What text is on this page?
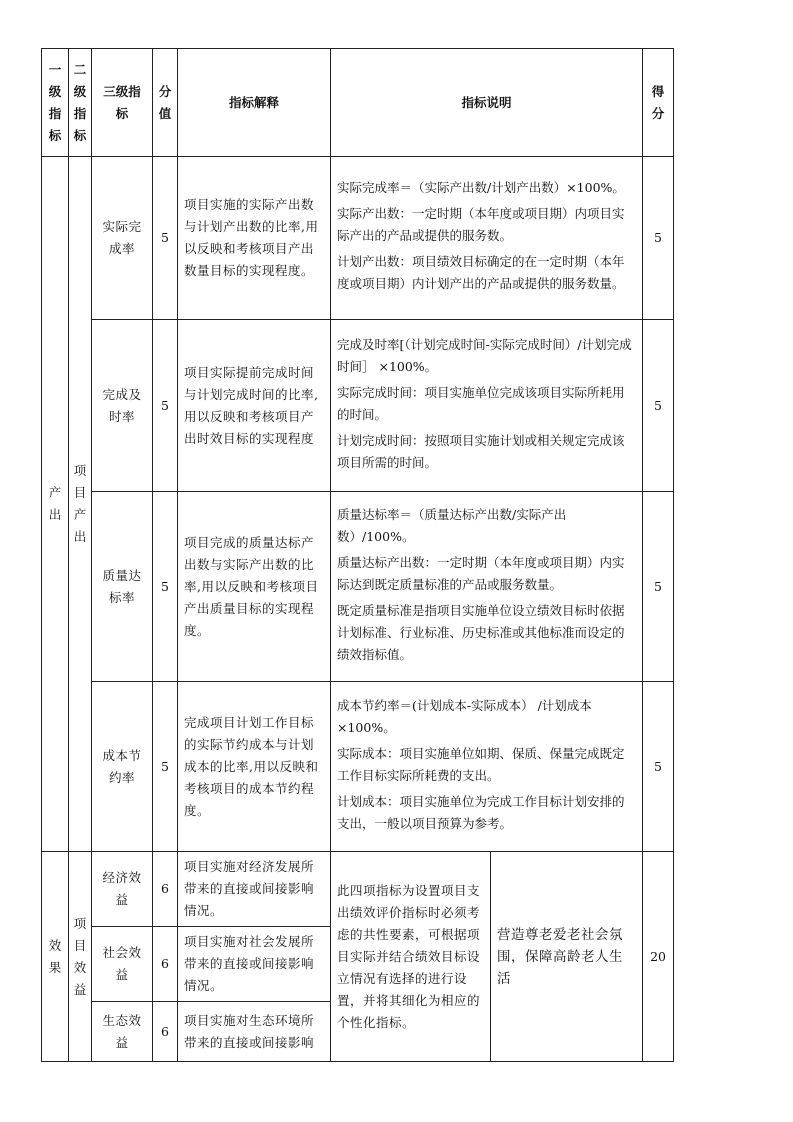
一级指标	二级指标	三级指标	分值	指标解释	指标说明		得分
产出	项目产出	实际完成率	5	项目实施的实际产出数与计划产出数的比率,用以反映和考核项目产出数量目标的实现程度。	实际完成率＝（实际产出数/计划产出数）×100%。

实际产出数：一定时期（本年度或项目期）内项目实际产出的产品或提供的服务数。

计划产出数：项目绩效目标确定的在一定时期（本年度或项目期）内计划产出的产品或提供的服务数量。		5
		完成及时率	5	项目实际提前完成时间与计划完成时间的比率,用以反映和考核项目产出时效目标的实现程度	完成及时率[（计划完成时间-实际完成时间）/计划完成时间］ ×100%。

实际完成时间：项目实施单位完成该项目实际所耗用的时间。

计划完成时间：按照项目实施计划或相关规定完成该项目所需的时间。		5
		质量达标率	5	项目完成的质量达标产出数与实际产出数的比率,用以反映和考核项目产出质量目标的实现程度。	质量达标率＝（质量达标产出数/实际产出数）/100%。

质量达标产出数：一定时期（本年度或项目期）内实际达到既定质量标准的产品或服务数量。

既定质量标准是指项目实施单位设立绩效目标时依据计划标准、行业标准、历史标准或其他标准而设定的绩效指标值。		5
		成本节约率	5	完成项目计划工作目标的实际节约成本与计划成本的比率,用以反映和考核项目的成本节约程度。	成本节约率＝(计划成本-实际成本） /计划成本×100%。

实际成本：项目实施单位如期、保质、保量完成既定工作目标实际所耗费的支出。

计划成本：项目实施单位为完成工作目标计划安排的支出，一般以项目预算为参考。		5
效果	项目效益	经济效益	6	项目实施对经济发展所带来的直接或间接影响情况。	此四项指标为设置项目支出绩效评价指标时必须考虑的共性要素，可根据项目实际并结合绩效目标设立情况有选择的进行设置，并将其细化为相应的个性化指标。	营造尊老爱老社会氛围，保障高龄老人生活	20
		社会效益	6	项目实施对社会发展所带来的直接或间接影响情况。			
		生态效益	6	项目实施对生态环境所带来的直接或间接影响			
